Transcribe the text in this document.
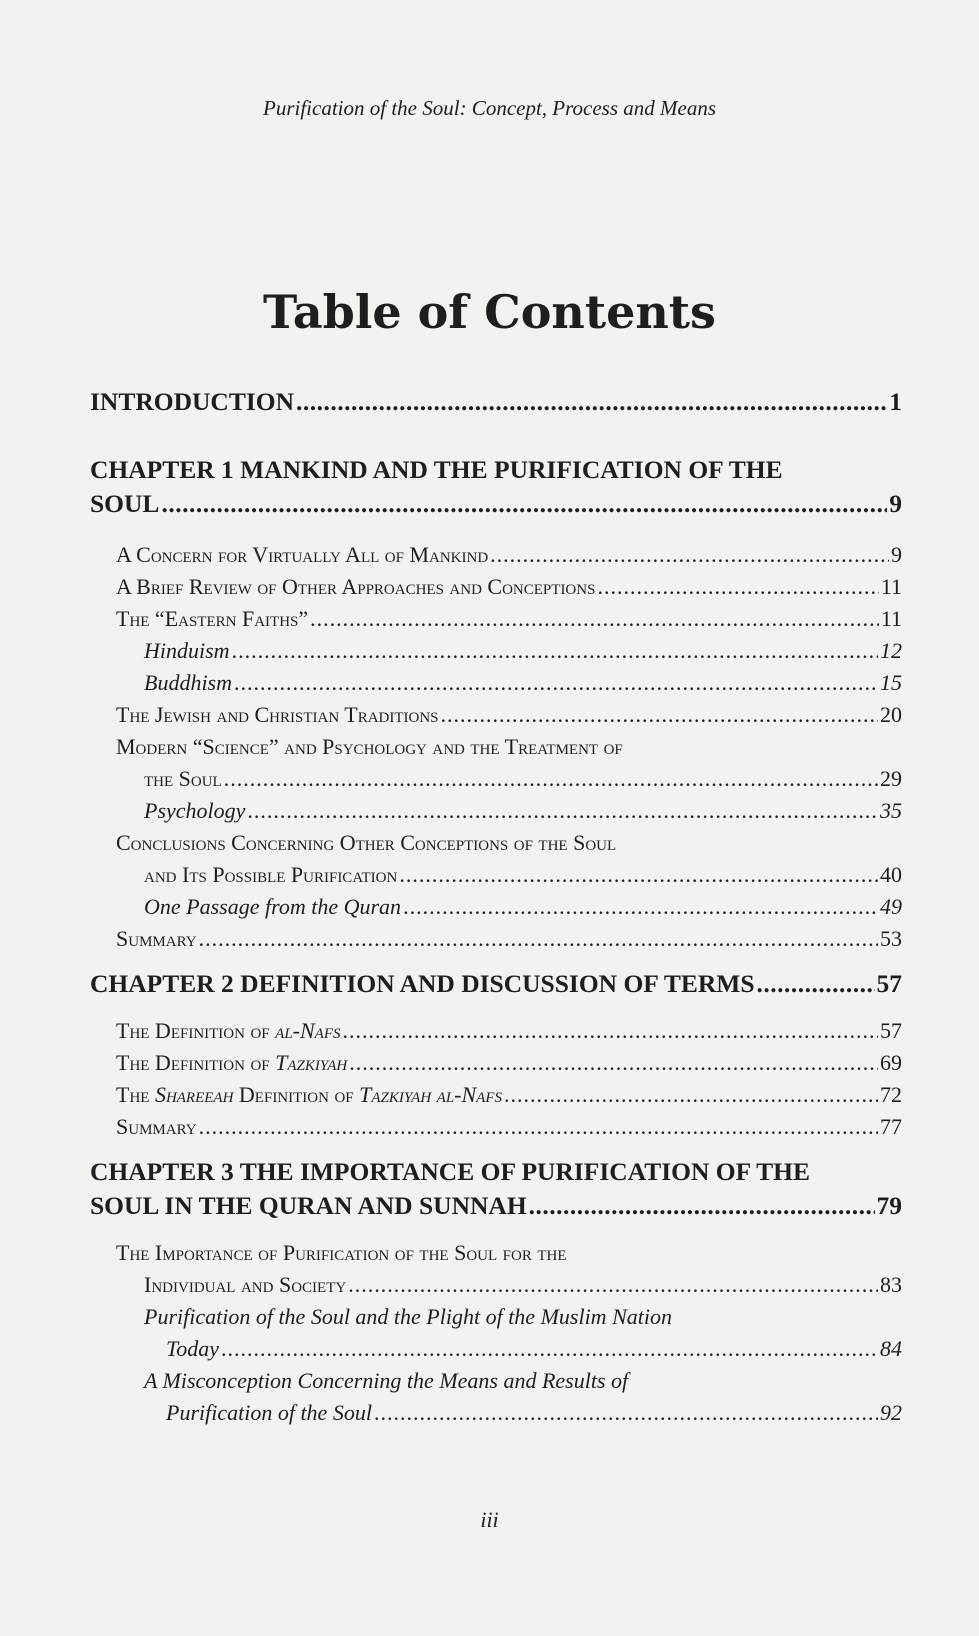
Purification of the Soul: Concept, Process and Means
Table of Contents
INTRODUCTION .....	1
CHAPTER 1 MANKIND AND THE PURIFICATION OF THE
SOUL .....	9
A Concern for Virtually All of Mankind .....	9
A Brief Review of Other Approaches and Conceptions .....	11
The “Eastern Faiths” .....	11
Hinduism .....	12
Buddhism .....	15
The Jewish and Christian Traditions .....	20
Modern “Science” and Psychology and the Treatment of
the Soul .....	29
Psychology .....	35
Conclusions Concerning Other Conceptions of the Soul
and Its Possible Purification .....	40
One Passage from the Quran .....	49
Summary .....	53
CHAPTER 2 DEFINITION AND DISCUSSION OF TERMS .....	57
The Definition of al-Nafs .....	57
The Definition of Tazkiyah .....	69
The Shareeah Definition of Tazkiyah al-Nafs .....	72
Summary .....	77
CHAPTER 3 THE IMPORTANCE OF PURIFICATION OF THE
SOUL IN THE QURAN AND SUNNAH .....	79
The Importance of Purification of the Soul for the
Individual and Society .....	83
Purification of the Soul and the Plight of the Muslim Nation
Today .....	84
A Misconception Concerning the Means and Results of
Purification of the Soul .....	92
iii
